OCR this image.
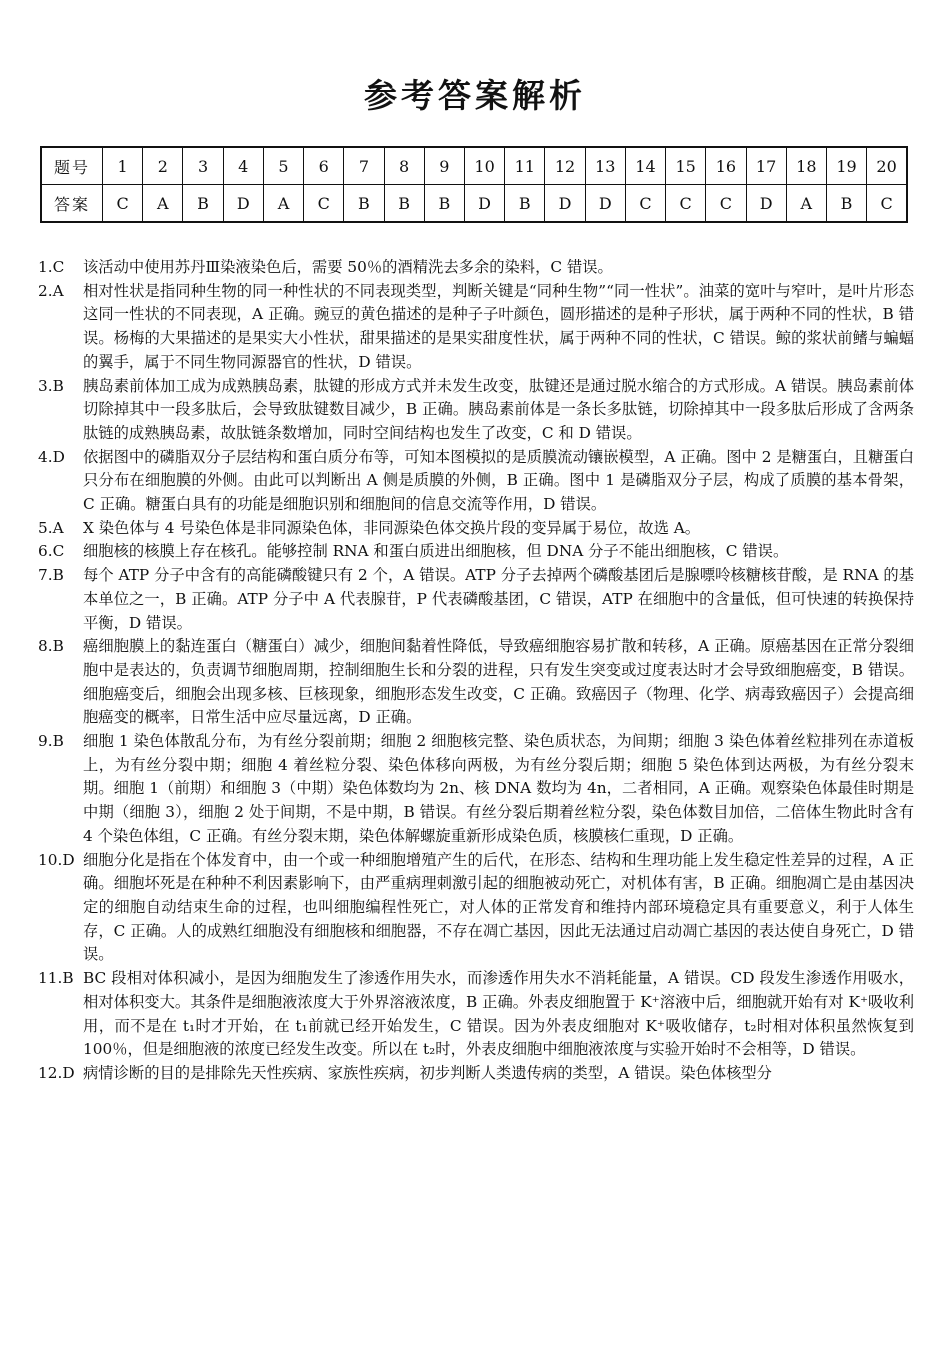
参考答案解析
题号	1	2	3	4	5	6	7	8	9	10	11	12	13	14	15	16	17	18	19	20
答案	C	A	B	D	A	C	B	B	B	D	B	D	D	C	C	C	D	A	B	C
1.C 该活动中使用苏丹Ⅲ染液染色后，需要 50％的酒精洗去多余的染料，C 错误。
2.A 相对性状是指同种生物的同一种性状的不同表现类型，判断关键是“同种生物”“同一性状”。油菜的宽叶与窄叶，是叶片形态这同一性状的不同表现，A 正确。豌豆的黄色描述的是种子子叶颜色，圆形描述的是种子形状，属于两种不同的性状，B 错误。杨梅的大果描述的是果实大小性状，甜果描述的是果实甜度性状，属于两种不同的性状，C 错误。鲸的浆状前鳍与蝙蝠的翼手，属于不同生物同源器官的性状，D 错误。
3.B 胰岛素前体加工成为成熟胰岛素，肽键的形成方式并未发生改变，肽键还是通过脱水缩合的方式形成。A 错误。胰岛素前体切除掉其中一段多肽后，会导致肽键数目减少，B 正确。胰岛素前体是一条长多肽链，切除掉其中一段多肽后形成了含两条肽链的成熟胰岛素，故肽链条数增加，同时空间结构也发生了改变，C 和 D 错误。
4.D 依据图中的磷脂双分子层结构和蛋白质分布等，可知本图模拟的是质膜流动镶嵌模型，A 正确。图中 2 是糖蛋白，且糖蛋白只分布在细胞膜的外侧。由此可以判断出 A 侧是质膜的外侧，B 正确。图中 1 是磷脂双分子层，构成了质膜的基本骨架，C 正确。糖蛋白具有的功能是细胞识别和细胞间的信息交流等作用，D 错误。
5.A X 染色体与 4 号染色体是非同源染色体，非同源染色体交换片段的变异属于易位，故选 A。
6.C 细胞核的核膜上存在核孔。能够控制 RNA 和蛋白质进出细胞核，但 DNA 分子不能出细胞核，C 错误。
7.B 每个 ATP 分子中含有的高能磷酸键只有 2 个，A 错误。ATP 分子去掉两个磷酸基团后是腺嘌呤核糖核苷酸，是 RNA 的基本单位之一，B 正确。ATP 分子中 A 代表腺苷，P 代表磷酸基团，C 错误，ATP 在细胞中的含量低，但可快速的转换保持平衡，D 错误。
8.B 癌细胞膜上的黏连蛋白（糖蛋白）减少，细胞间黏着性降低，导致癌细胞容易扩散和转移，A 正确。原癌基因在正常分裂细胞中是表达的，负责调节细胞周期，控制细胞生长和分裂的进程，只有发生突变或过度表达时才会导致细胞癌变，B 错误。细胞癌变后，细胞会出现多核、巨核现象，细胞形态发生改变，C 正确。致癌因子（物理、化学、病毒致癌因子）会提高细胞癌变的概率，日常生活中应尽量远离，D 正确。
9.B 细胞 1 染色体散乱分布，为有丝分裂前期；细胞 2 细胞核完整、染色质状态，为间期；细胞 3 染色体着丝粒排列在赤道板上，为有丝分裂中期；细胞 4 着丝粒分裂、染色体移向两极，为有丝分裂后期；细胞 5 染色体到达两极，为有丝分裂末期。细胞 1（前期）和细胞 3（中期）染色体数均为 2n、核 DNA 数均为 4n，二者相同，A 正确。观察染色体最佳时期是中期（细胞 3），细胞 2 处于间期，不是中期，B 错误。有丝分裂后期着丝粒分裂，染色体数目加倍，二倍体生物此时含有 4 个染色体组，C 正确。有丝分裂末期，染色体解螺旋重新形成染色质，核膜核仁重现，D 正确。
10.D 细胞分化是指在个体发育中，由一个或一种细胞增殖产生的后代，在形态、结构和生理功能上发生稳定性差异的过程，A 正确。细胞坏死是在种种不利因素影响下，由严重病理刺激引起的细胞被动死亡，对机体有害，B 正确。细胞凋亡是由基因决定的细胞自动结束生命的过程，也叫细胞编程性死亡，对人体的正常发育和维持内部环境稳定具有重要意义，利于人体生存，C 正确。人的成熟红细胞没有细胞核和细胞器，不存在凋亡基因，因此无法通过启动凋亡基因的表达使自身死亡，D 错误。
11.B BC 段相对体积减小，是因为细胞发生了渗透作用失水，而渗透作用失水不消耗能量，A 错误。CD 段发生渗透作用吸水，相对体积变大。其条件是细胞液浓度大于外界溶液浓度，B 正确。外表皮细胞置于 K⁺溶液中后，细胞就开始有对 K⁺吸收利用，而不是在 t₁时才开始，在 t₁前就已经开始发生，C 错误。因为外表皮细胞对 K⁺吸收储存，t₂时相对体积虽然恢复到 100％，但是细胞液的浓度已经发生改变。所以在 t₂时，外表皮细胞中细胞液浓度与实验开始时不会相等，D 错误。
12.D 病情诊断的目的是排除先天性疾病、家族性疾病，初步判断人类遗传病的类型，A 错误。染色体核型分
